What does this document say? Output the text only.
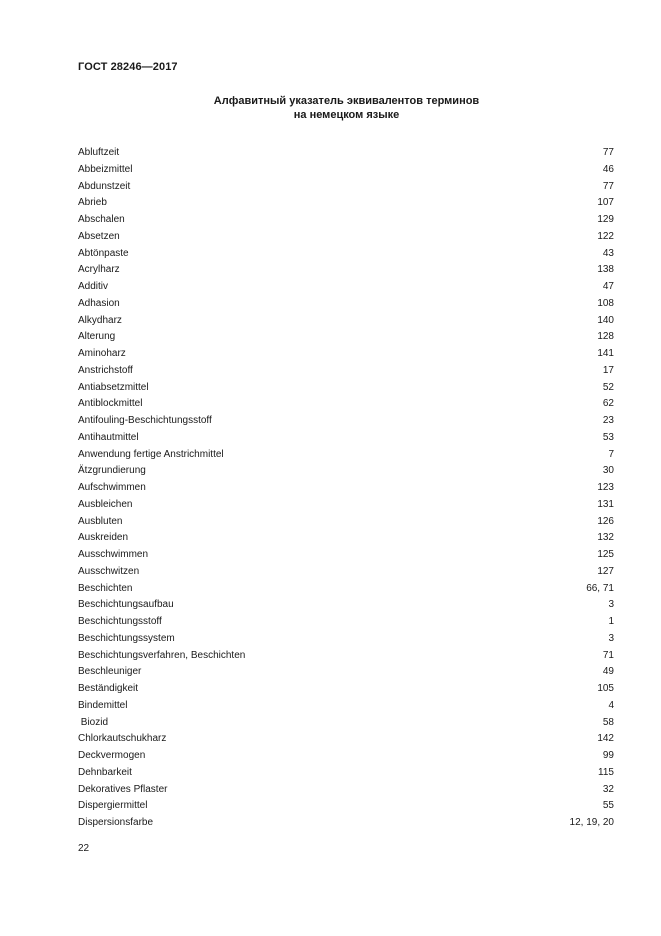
ГОСТ 28246—2017
Алфавитный указатель эквивалентов терминов
на немецком языке
Abluftzeit	77
Abbeizmittel	46
Abdunstzeit	77
Abrieb	107
Abschalen	129
Absetzen	122
Abtönpaste	43
Acrylharz	138
Additiv	47
Adhasion	108
Alkydharz	140
Alterung	128
Aminoharz	141
Anstrichstoff	17
Antiabsetzmittel	52
Antiblockmittel	62
Antifouling-Beschichtungsstoff	23
Antihautmittel	53
Anwendung fertige Anstrichmittel	7
Ätzgrundierung	30
Aufschwimmen	123
Ausbleichen	131
Ausbluten	126
Auskreiden	132
Ausschwimmen	125
Ausschwitzen	127
Beschichten	66, 71
Beschichtungsaufbau	3
Beschichtungsstoff	1
Beschichtungssystem	3
Beschichtungsverfahren, Beschichten	71
Beschleuniger	49
Beständigkeit	105
Bindemittel	4
Biozid	58
Chlorkautschukharz	142
Deckvermogen	99
Dehnbarkeit	115
Dekoratives Pflaster	32
Dispergiermittel	55
Dispersionsfarbe	12, 19, 20
22
